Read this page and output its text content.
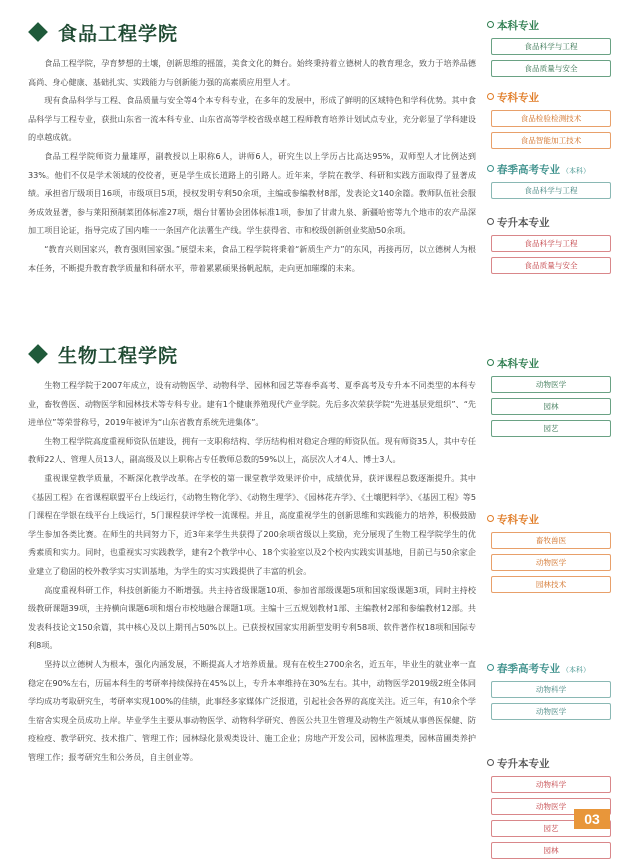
食品工程学院

食品工程学院，孕育梦想的土壤，创新思维的摇篮，美食文化的舞台。始终秉持着立德树人的教育理念，致力于培养品德高尚、身心健康、基础扎实、实践能力与创新能力强的高素质应用型人才。

现有食品科学与工程、食品质量与安全等4个本专科专业，在多年的发展中，形成了鲜明的区域特色和学科优势。其中食品科学与工程专业，获批山东省一流本科专业、山东省高等学校省级卓越工程师教育培养计划试点专业，充分彰显了学科建设的卓越成就。

食品工程学院师资力量雄厚，副教授以上职称6人，讲师6人，研究生以上学历占比高达95%，双师型人才比例达到33%。他们不仅是学术领域的佼佼者，更是学生成长道路上的引路人。近年来，学院在教学、科研和实践方面取得了显著成绩。承担省厅级项目16项，市级项目5项，授权发明专利50余项，主编或参编教材8部，发表论文140余篇。教师队伍社会服务成效显著，参与莱阳预制菜团体标准27项，烟台甘薯协会团体标准1项，参加了甘肃九泉、新疆哈密等九个地市的农产品深加工项目论证，指导完成了国内唯一一条国产化法薯生产线。学生获得省、市和校级创新创业奖励50余项。

“教育兴则国家兴，教育强则国家强。”展望未来，食品工程学院将秉着“新质生产力”的东风，再接再厉，以立德树人为根本任务，不断提升教育教学质量和科研水平，带着累累硕果扬帆起航，走向更加璀璨的未来。

本科专业
食品科学与工程
食品质量与安全
专科专业
食品检验检测技术
食品智能加工技术
春季高考专业 （本科）
食品科学与工程
专升本专业
食品科学与工程
食品质量与安全
生物工程学院

生物工程学院于2007年成立，设有动物医学、动物科学、园林和园艺等春季高考、夏季高考及专升本不同类型的本科专业，畜牧兽医、动物医学和园林技术等专科专业。建有1个健康养殖现代产业学院。先后多次荣获学院“先进基层党组织”、“先进单位”等荣誉称号，2019年被评为“山东省教育系统先进集体”。

生物工程学院高度重视师资队伍建设，拥有一支职称结构、学历结构相对稳定合理的师资队伍。现有师资35人，其中专任教师22人、管理人员13人，副高级及以上职称占专任教师总数的59%以上，高层次人才4人、博士3人。

重视课堂教学质量，不断深化教学改革。在学校的第一课堂教学效果评价中，成绩优异，获评课程总数逐渐提升。其中《基因工程》在省课程联盟平台上线运行，《动物生物化学》、《动物生理学》、《园林花卉学》、《土壤肥料学》、《基因工程》等5门课程在学银在线平台上线运行，5门课程获评学校一流课程。并且，高度重视学生的创新思维和实践能力的培养，积极鼓励学生参加各类比赛。在师生的共同努力下，近3年来学生共获得了200余项省级以上奖励，充分展现了生物工程学院学生的优秀素质和实力。同时，也重视实习实践教学，建有2个教学中心、18个实验室以及2个校内实践实训基地，目前已与50余家企业建立了稳固的校外教学实习实训基地，为学生的实习实践提供了丰富的机会。

高度重视科研工作，科技创新能力不断增强。共主持省级课题10项、参加省部级课题5项和国家级课题3项，同时主持校级教研课题39项，主持横向课题6项和烟台市校地融合课题1项。主编十三五规划教材1部、主编教材2部和参编教材12部。共发表科技论文150余篇，其中核心及以上期刊占50%以上。已获授权国家实用新型发明专利58项、软件著作权18项和国际专利8项。

坚持以立德树人为根本，强化内涵发展，不断提高人才培养质量。现有在校生2700余名，近五年，毕业生的就业率一直稳定在90%左右，历届本科生的考研率持续保持在45%以上，专升本率维持在30%左右。其中，动物医学2019级2班全体同学均成功考取研究生，考研率实现100%的佳绩，此事经多家媒体广泛报道，引起社会各界的高度关注。近三年，有10余个学生宿舍实现全员成功上岸。毕业学生主要从事动物医学、动物科学研究、兽医公共卫生管理及动物生产领域从事兽医保健、防疫检疫、教学研究、技术推广、管理工作；园林绿化景观类设计、施工企业；房地产开发公司，园林监理类，园林苗圃类养护管理工作；报考研究生和公务员，自主创业等。

本科专业
动物医学
园林
园艺
专科专业
畜牧兽医
动物医学
园林技术
春季高考专业 （本科）
动物科学
动物医学
专升本专业
动物科学
动物医学
园艺
园林
03
